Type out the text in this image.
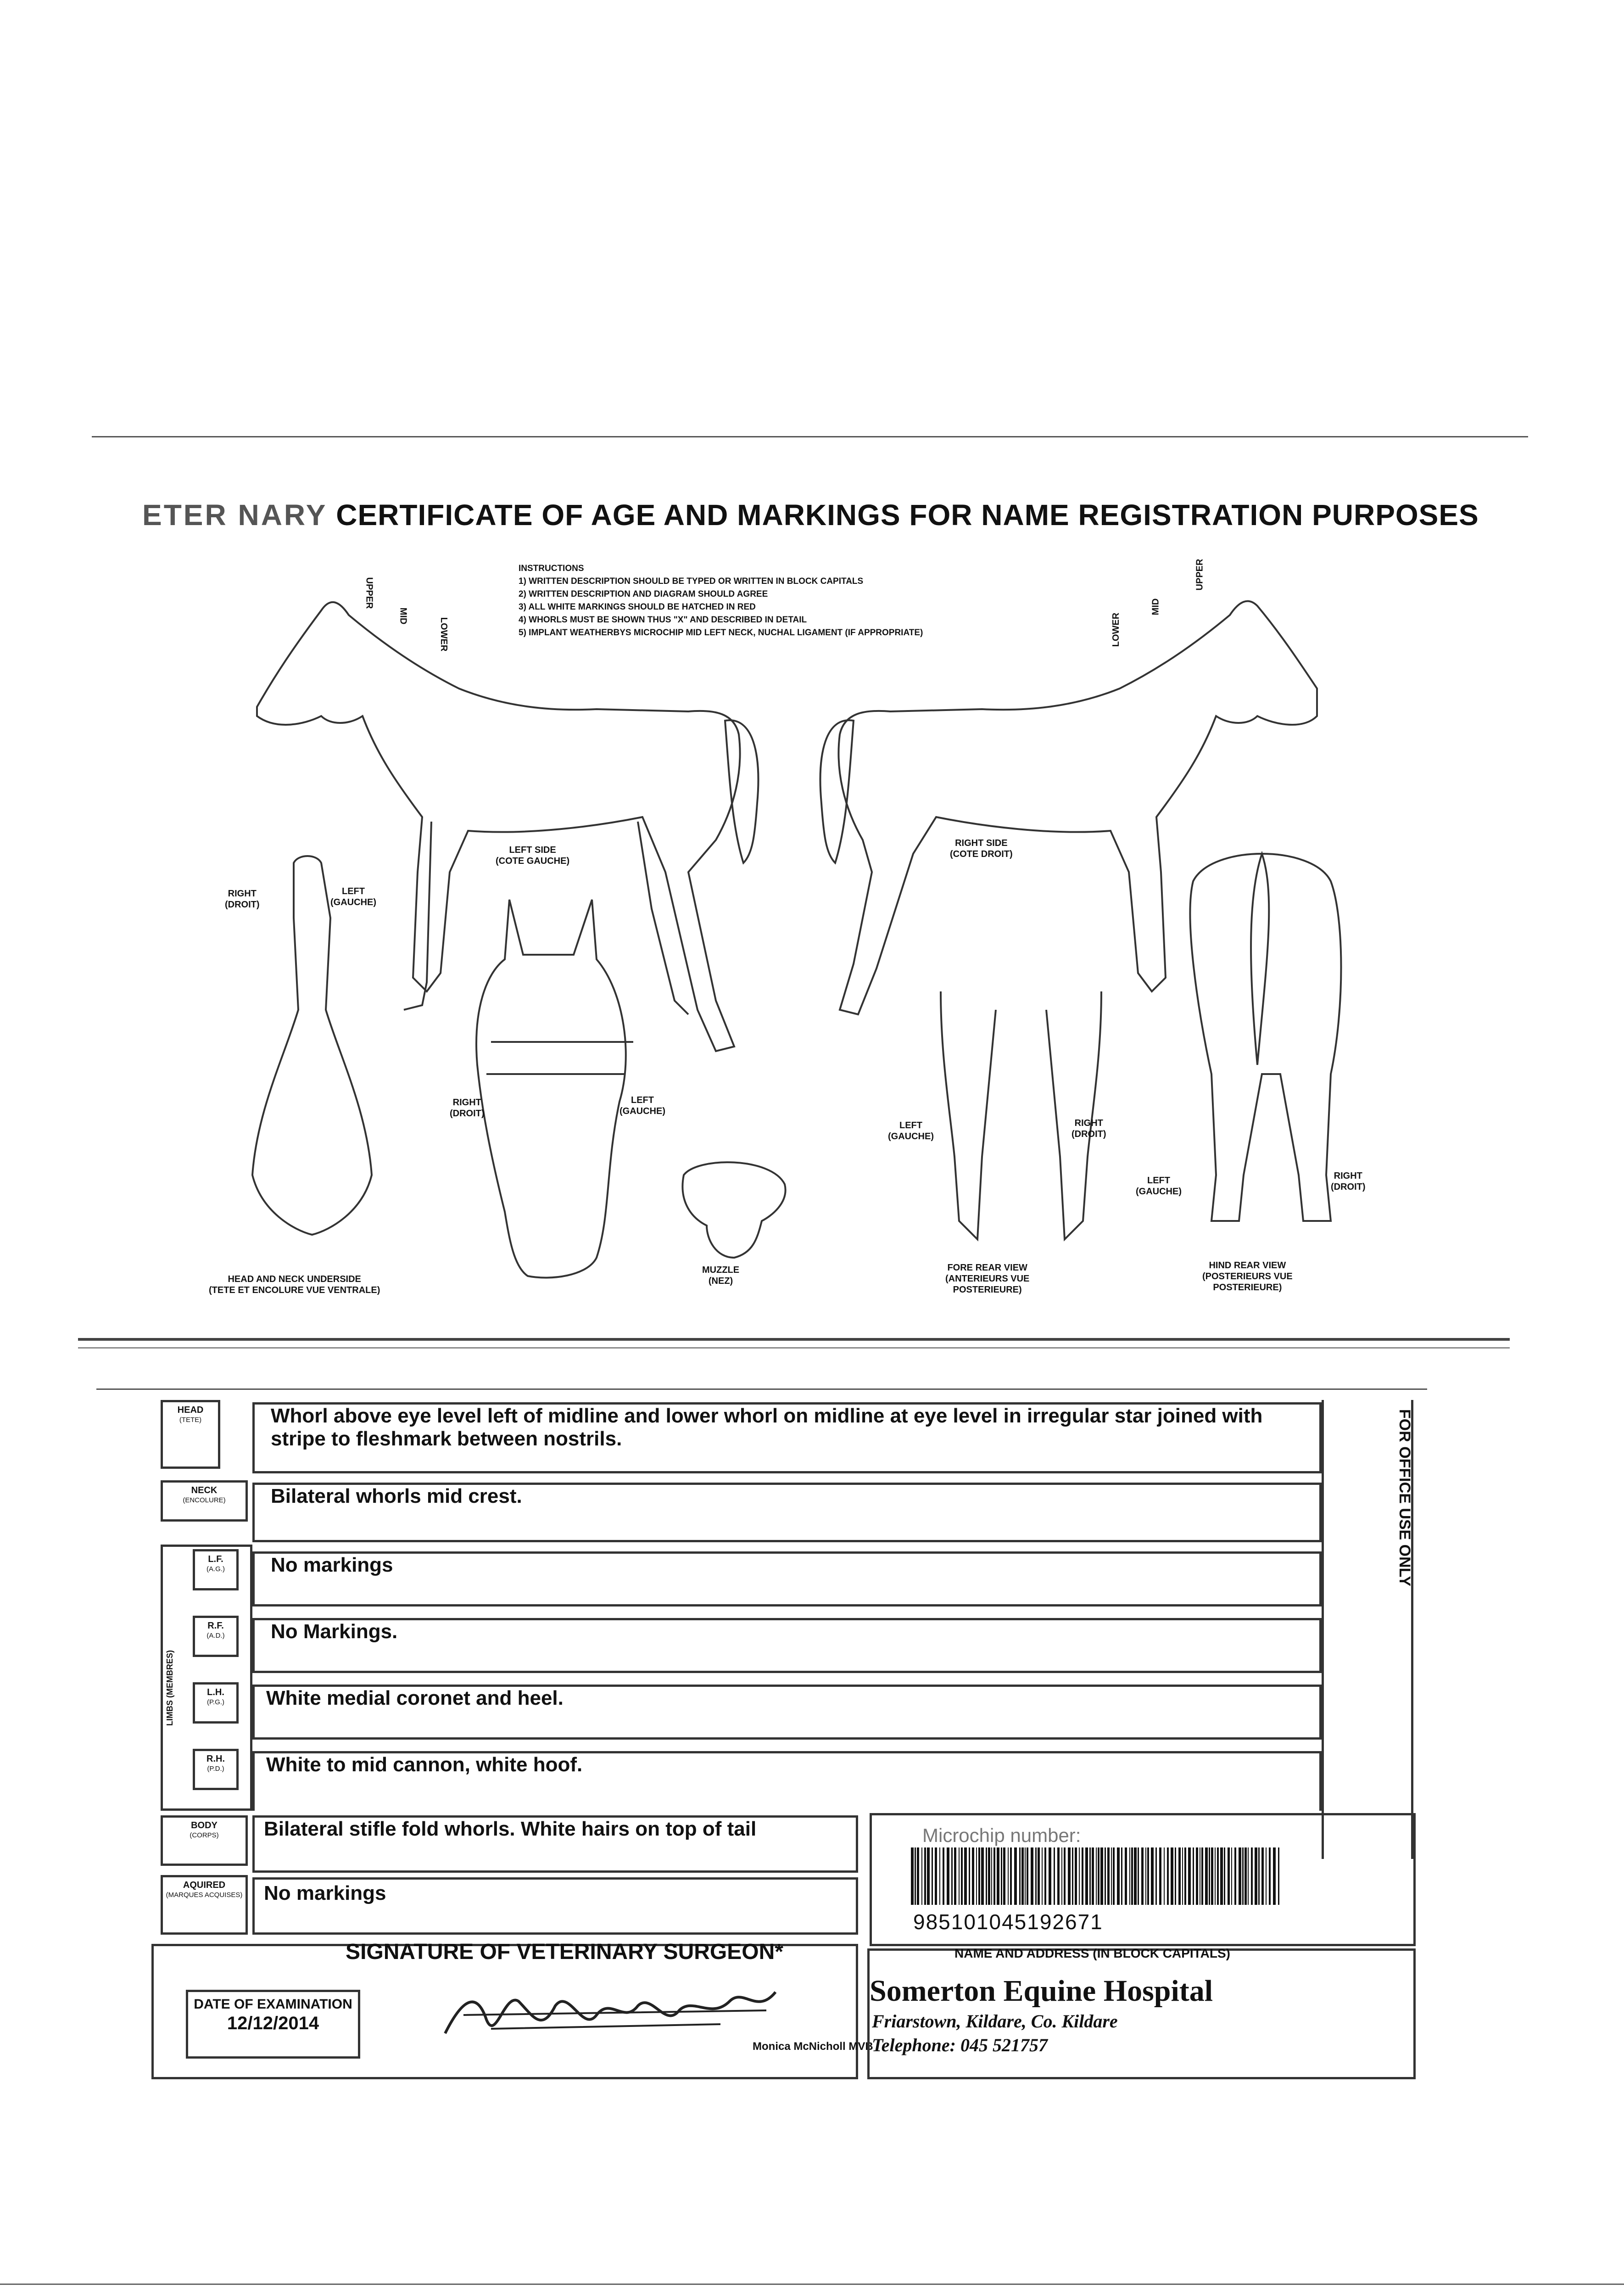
ETER NARY CERTIFICATE OF AGE AND MARKINGS FOR NAME REGISTRATION PURPOSES
INSTRUCTIONS
1) WRITTEN DESCRIPTION SHOULD BE TYPED OR WRITTEN IN BLOCK CAPITALS
2) WRITTEN DESCRIPTION AND DIAGRAM SHOULD AGREE
3) ALL WHITE MARKINGS SHOULD BE HATCHED IN RED
4) WHORLS MUST BE SHOWN THUS "X" AND DESCRIBED IN DETAIL
5) IMPLANT WEATHERBYS MICROCHIP MID LEFT NECK, NUCHAL LIGAMENT (IF APPROPRIATE)
UPPER
MID
LOWER	LOWER
MID
UPPER
LEFT SIDE
(COTE GAUCHE)
RIGHT SIDE
(COTE DROIT)
RIGHT
(DROIT)
LEFT
(GAUCHE)
RIGHT
(DROIT)
LEFT
(GAUCHE)
LEFT
(GAUCHE)
RIGHT
(DROIT)
LEFT
(GAUCHE)
RIGHT
(DROIT)
HEAD AND NECK UNDERSIDE
(TETE ET ENCOLURE VUE VENTRALE)
MUZZLE
(NEZ)
FORE REAR VIEW
(ANTERIEURS VUE
POSTERIEURE)
HIND REAR VIEW
(POSTERIEURS VUE
POSTERIEURE)
FOR OFFICE USE ONLY
HEAD
(TETE)	Whorl above eye level left of midline and lower whorl on midline at eye level in irregular star joined with stripe to fleshmark between nostrils.
NECK
(ENCOLURE)	Bilateral whorls mid crest.
LIMBS (MEMBRES)
L.F.
(A.G.)	No markings
R.F.
(A.D.)	No Markings.
L.H.
(P.G.)	White medial coronet and heel.
R.H.
(P.D.)	White to mid cannon, white hoof.
BODY
(CORPS)	Bilateral stifle fold whorls. White hairs on top of tail
AQUIRED
(MARQUES ACQUISES) No markings
Microchip number:
985101045192671
SIGNATURE OF VETERINARY SURGEON*
DATE OF EXAMINATION
12/12/2014
Monica McNicholl MVB
NAME AND ADDRESS (IN BLOCK CAPITALS)
Somerton Equine Hospital
Friarstown, Kildare, Co. Kildare
Telephone: 045 521757
